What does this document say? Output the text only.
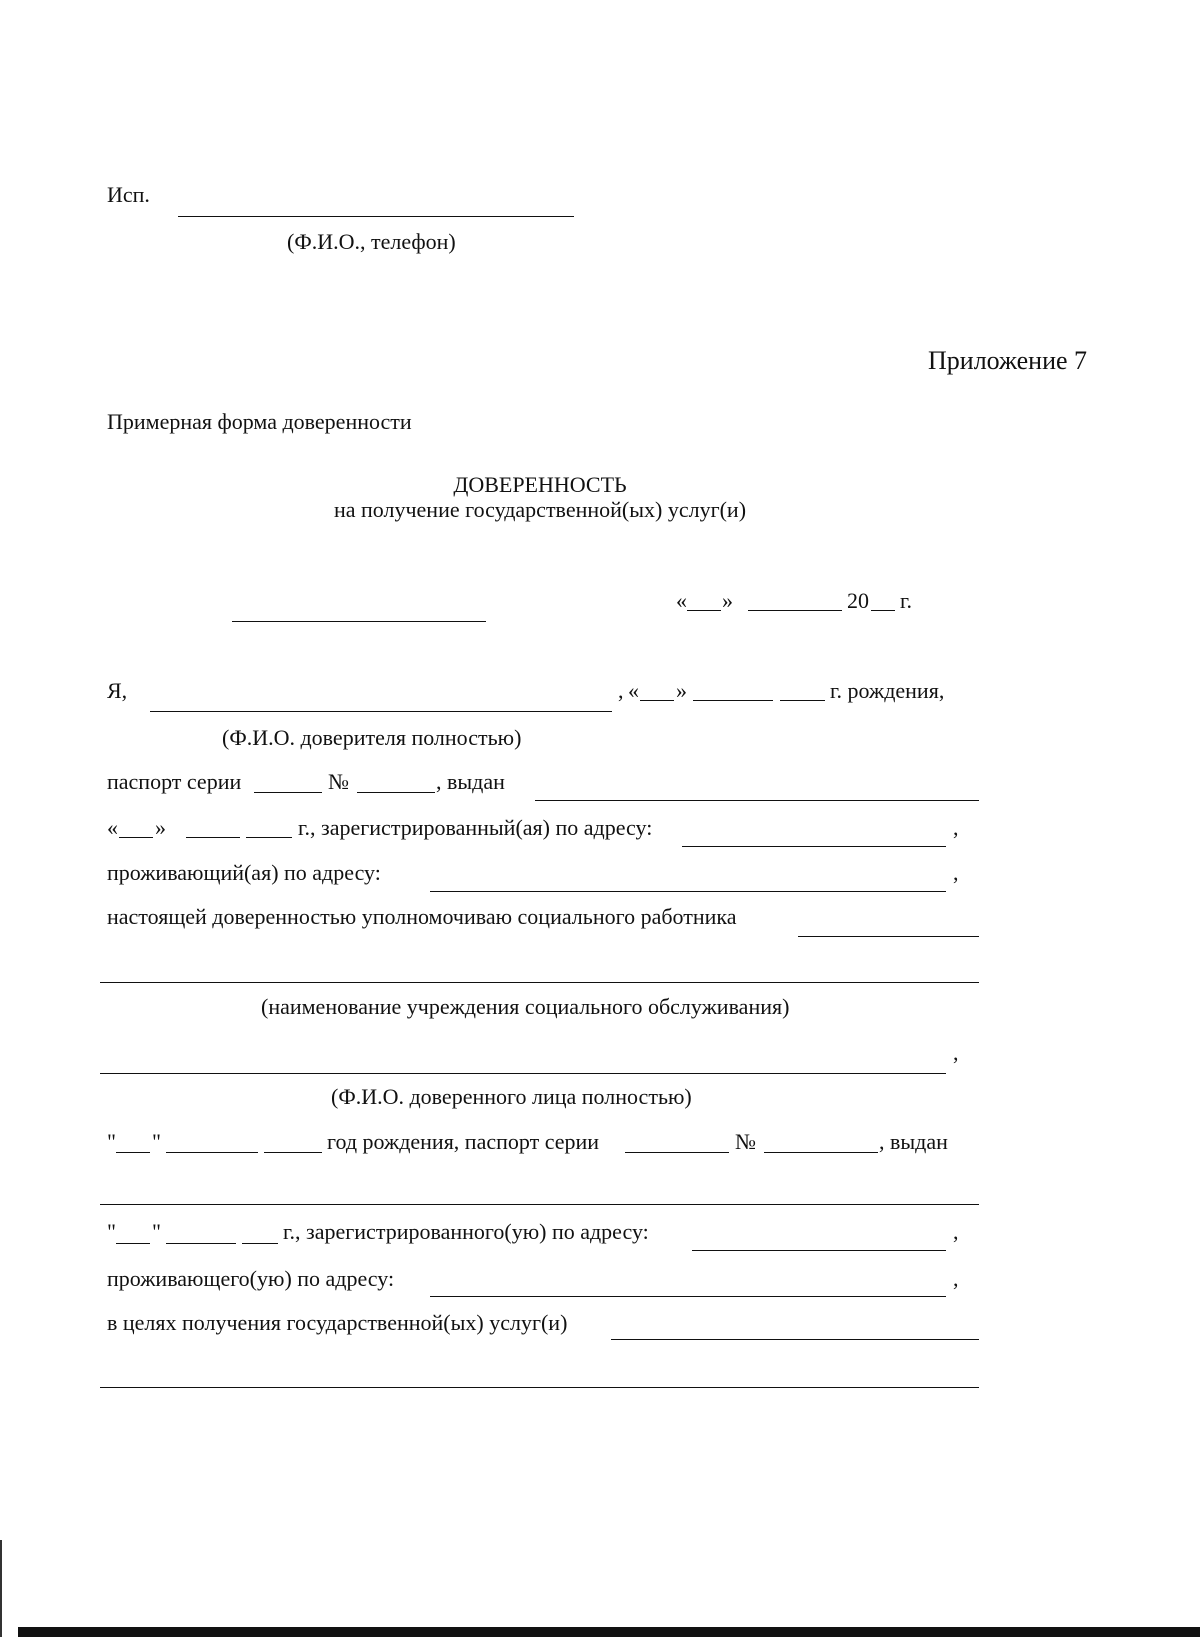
Исп.
(Ф.И.О., телефон)
Приложение 7
Примерная форма доверенности
ДОВЕРЕННОСТЬ
на получение государственной(ых) услуг(и)
« »	20 г.
Я,	, « »	г. рождения,
(Ф.И.О. доверителя полностью)
паспорт серии	№	, выдан
« »	г., зарегистрированный(ая) по адресу:	,
проживающий(ая) по адресу:	,
настоящей доверенностью уполномочиваю социального работника
(наименование учреждения социального обслуживания)
,
(Ф.И.О. доверенного лица полностью)
" "	год рождения, паспорт серии	№	, выдан
" "	г., зарегистрированного(ую) по адресу:	,
проживающего(ую) по адресу:	,
в целях получения государственной(ых) услуг(и)
